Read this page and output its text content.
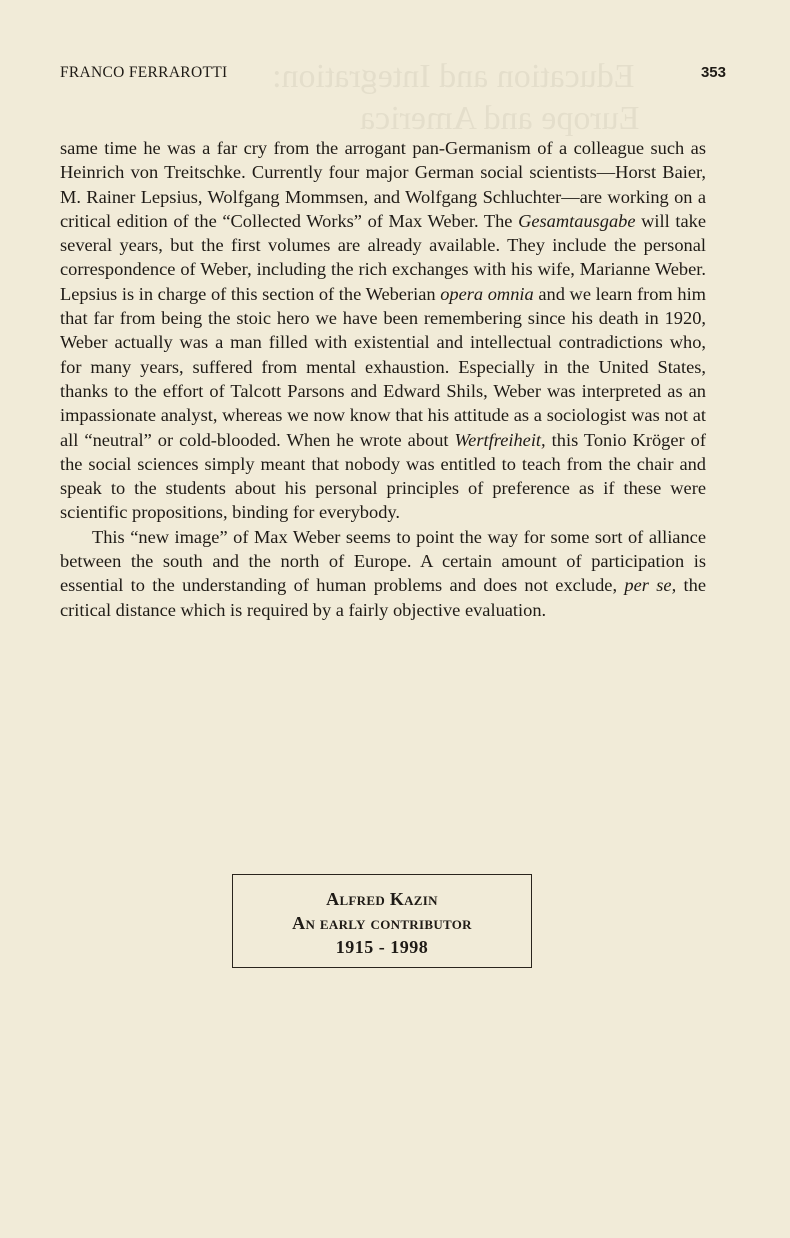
Education and Integration:
Europe and America
FRANCO FERRAROTTI	353

same time he was a far cry from the arrogant pan-Germanism of a colleague such as Heinrich von Treitschke. Currently four major German social scientists—Horst Baier, M. Rainer Lepsius, Wolfgang Mommsen, and Wolfgang Schluchter—are working on a critical edition of the “Collected Works” of Max Weber. The Gesamtausgabe will take several years, but the first volumes are already available. They include the personal correspondence of Weber, including the rich exchanges with his wife, Marianne Weber. Lepsius is in charge of this section of the Weberian opera omnia and we learn from him that far from being the stoic hero we have been remembering since his death in 1920, Weber actually was a man filled with existential and intellectual contradictions who, for many years, suffered from mental exhaustion. Especially in the United States, thanks to the effort of Talcott Parsons and Edward Shils, Weber was interpreted as an impassionate analyst, whereas we now know that his attitude as a sociologist was not at all “neutral” or cold-blooded. When he wrote about Wertfreiheit, this Tonio Kröger of the social sciences simply meant that nobody was entitled to teach from the chair and speak to the students about his personal principles of preference as if these were scientific propositions, binding for everybody.

This “new image” of Max Weber seems to point the way for some sort of alliance between the south and the north of Europe. A certain amount of participation is essential to the understanding of human problems and does not exclude, per se, the critical distance which is required by a fairly objective evaluation.

Alfred Kazin
An early contributor
1915 - 1998
